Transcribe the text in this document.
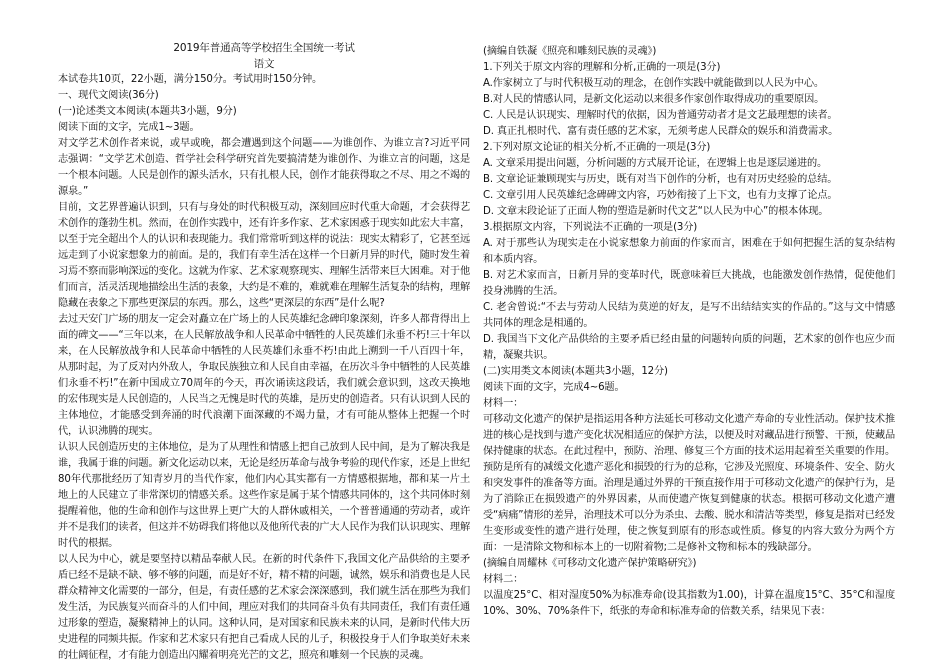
2019年普通高等学校招生全国统一考试

语文

本试卷共10页，22小题，满分150分。考试用时150分钟。

一、现代文阅读(36分)

(一)论述类文本阅读(本题共3小题，9分)

阅读下面的文字，完成1~3题。

对文学艺术创作者来说，或早或晚，都会遭遇到这个问题——为谁创作、为谁立言?习近平同志强调：“文学艺术创造、哲学社会科学研究首先要搞清楚为谁创作、为谁立言的问题，这是一个根本问题。人民是创作的源头活水，只有扎根人民，创作才能获得取之不尽、用之不竭的源泉。”

目前，文艺界普遍认识到，只有与身处的时代积极互动，深刻回应时代重大命题，才会获得艺术创作的蓬勃生机。然而，在创作实践中，还有许多作家、艺术家困惑于现实如此宏大丰富，以至于完全超出个人的认识和表现能力。我们常常听到这样的说法：现实太精彩了，它甚至远远走到了小说家想象力的前面。是的，我们有幸生活在这样一个日新月异的时代，随时发生着习焉不察而影响深远的变化。这就为作家、艺术家观察现实、理解生活带来巨大困难。对于他们而言，活灵活现地描绘出生活的表象，大约是不难的，难就难在理解生活复杂的结构，理解隐藏在表象之下那些更深层的东西。那么，这些“更深层的东西”是什么呢?

去过天安门广场的朋友一定会对矗立在广场上的人民英雄纪念碑印象深刻，许多人都背得出上面的碑文——“三年以来，在人民解放战争和人民革命中牺牲的人民英雄们永垂不朽!三十年以来，在人民解放战争和人民革命中牺牲的人民英雄们永垂不朽!由此上溯到一千八百四十年，从那时起，为了反对内外敌人，争取民族独立和人民自由幸福，在历次斗争中牺牲的人民英雄们永垂不朽!”在新中国成立70周年的今天，再次诵读这段话，我们就会意识到，这改天换地的宏伟现实是人民创造的，人民当之无愧是时代的英雄，是历史的创造者。只有认识到人民的主体地位，才能感受到奔涌的时代浪潮下面深藏的不竭力量，才有可能从整体上把握一个时代，认识沸腾的现实。

认识人民创造历史的主体地位，是为了从理性和情感上把自己放到人民中间，是为了解决我是谁，我属于谁的问题。新文化运动以来，无论是经历革命与战争考验的现代作家，还是上世纪80年代那批经历了知青岁月的当代作家，他们内心其实都有一方情感根据地，都和某一片土地上的人民建立了非常深切的情感关系。这些作家是属于某个情感共同体的，这个共同体时刻提醒着他，他的生命和创作与这世界上更广大的人群休戚相关，一个普普通通的劳动者，或许并不是我们的读者，但这并不妨碍我们将他以及他所代表的广大人民作为我们认识现实、理解时代的根据。

以人民为中心，就是要坚持以精品奉献人民。在新的时代条件下,我国文化产品供给的主要矛盾已经不是缺不缺、够不够的问题，而是好不好，精不精的问题，诚然，娱乐和消费也是人民群众精神文化需要的一部分，但是，有责任感的艺术家会深深感到，我们就生活在那些为我们发生活，为民族复兴而奋斗的人们中间，理应对我们的共同奋斗负有共同责任，我们有责任通过形象的塑造，凝聚精神上的认同。这种认同，是对国家和民族未来的认同，是新时代伟大历史进程的同频共振。作家和艺术家只有把自己看成人民的儿子，积极投身于人们争取美好未来的壮阔征程，才有能力创造出闪耀着明亮光芒的文艺，照亮和雕刻一个民族的灵魂。

(摘编自铁凝《照亮和雕刻民族的灵魂》)

1.下列关于原文内容的理解和分析,正确的一项是(3分)

A.作家树立了与时代积极互动的理念，在创作实践中就能做到以人民为中心。

B.对人民的情感认同，是新文化运动以来很多作家创作取得成功的重要原因。

C. 人民是认识现实、理解时代的依据，因为普通劳动者才是文艺最理想的读者。

D. 真正扎根时代、富有责任感的艺术家，无须考虑人民群众的娱乐和消费需求。

2.下列对原文论证的相关分析,不正确的一项是(3分)

A. 文章采用提出问题，分析问题的方式展开论证，在逻辑上也是逐层递进的。

B. 文章论证兼顾现实与历史，既有对当下创作的分析，也有对历史经验的总结。

C. 文章引用人民英雄纪念碑碑文内容，巧妙衔接了上下文，也有力支撑了论点。

D. 文章末段论证了正面人物的塑造是新时代文艺“以人民为中心”的根本体现。

3.根据原文内容，下列说法不正确的一项是(3分)

A. 对于那些认为现实走在小说家想象力前面的作家而言，困难在于如何把握生活的复杂结构和本质内容。

B. 对艺术家而言，日新月异的变革时代，既意味着巨大挑战，也能激发创作热情，促使他们投身沸腾的生活。

C. 老舍曾说:“不去与劳动人民结为莫逆的好友，是写不出结结实实的作品的。”这与文中情感共同体的理念是相通的。

D. 我国当下文化产品供给的主要矛盾已经由量的问题转向质的问题，艺术家的创作也应少而精，凝聚共识。

(二)实用类文本阅读(本题共3小题，12分)

阅读下面的文字，完成4~6题。

材料一：

可移动文化遗产的保护是指运用各种方法延长可移动文化遗产寿命的专业性活动。保护技术推进的核心是找到与遗产变化状况相适应的保护方法，以便及时对藏品进行预警、干预，使藏品保持健康的状态。在此过程中，预防、治理、修复三个方面的技术运用起着至关重要的作用。预防是所有的减缓文化遗产恶化和损毁的行为的总称，它涉及光照度、环境条件、安全、防火和突发事件的准备等方面。治理是通过外界的干预直接作用于可移动文化遗产的保护行为，是为了消除正在损毁遗产的外界因素，从而使遗产恢复到健康的状态。根据可移动文化遗产遭受“病痛”情形的差异，治理技术可以分为杀虫、去酸、脱水和清洁等类型，修复是指对已经发生变形或变性的遗产进行处理，使之恢复到原有的形态或性质。修复的内容大致分为两个方面：一是清除文物和标本上的一切附着物;二是修补文物和标本的残缺部分。

(摘编自周耀林《可移动文化遗产保护策略研究》)

材料二：

以温度25°C、相对湿度50%为标准寿命(设其指数为1.00)，计算在温度15°C、35°C和湿度10%、30%、70%条件下，纸张的寿命和标准寿命的倍数关系，结果见下表：
